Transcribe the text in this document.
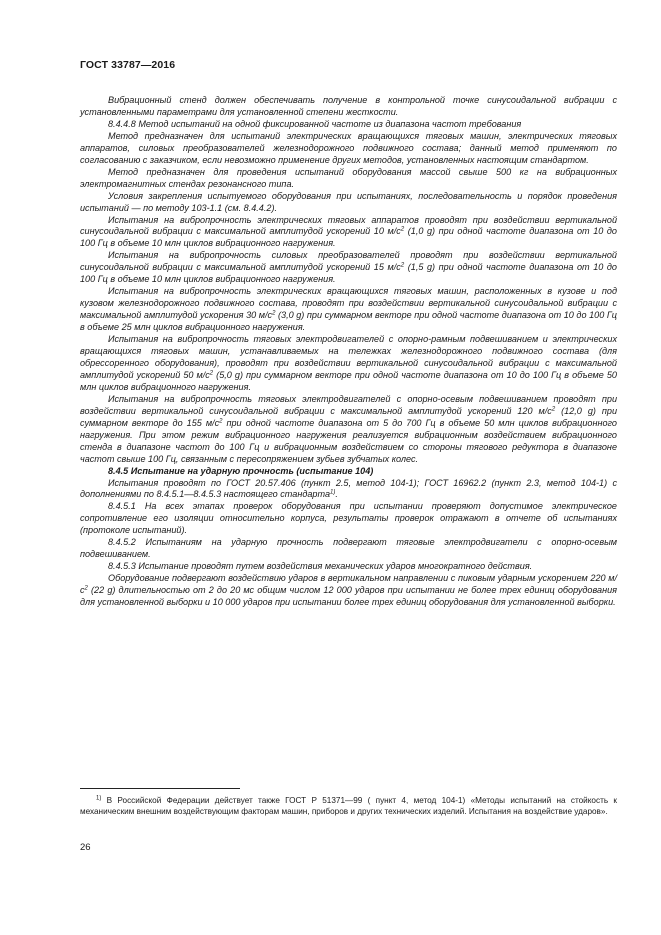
ГОСТ 33787—2016

Вибрационный стенд должен обеспечивать получение в контрольной точке синусоидальной вибрации с установленными параметрами для установленной степени жесткости.

8.4.4.8 Метод испытаний на одной фиксированной частоте из диапазона частот требования

Метод предназначен для испытаний электрических вращающихся тяговых машин, электрических тяговых аппаратов, силовых преобразователей железнодорожного подвижного состава; данный метод применяют по согласованию с заказчиком, если невозможно применение других методов, установленных настоящим стандартом.

Метод предназначен для проведения испытаний оборудования массой свыше 500 кг на вибрационных электромагнитных стендах резонансного типа.

Условия закрепления испытуемого оборудования при испытаниях, последовательность и порядок проведения испытаний — по методу 103-1.1 (см. 8.4.4.2).

Испытания на вибропрочность электрических тяговых аппаратов проводят при воздействии вертикальной синусоидальной вибрации с максимальной амплитудой ускорений 10 $м/с^2$ (1,0 g) при одной частоте диапазона от 10 до 100 Гц в объеме 10 млн циклов вибрационного нагружения.

Испытания на вибропрочность силовых преобразователей проводят при воздействии вертикальной синусоидальной вибрации с максимальной амплитудой ускорений 15 $м/с^2$ (1,5 g) при одной частоте диапазона от 10 до 100 Гц в объеме 10 млн циклов вибрационного нагружения.

Испытания на вибропрочность электрических вращающихся тяговых машин, расположенных в кузове и под кузовом железнодорожного подвижного состава, проводят при воздействии вертикальной синусоидальной вибрации с максимальной амплитудой ускорения 30 $м/с^2$ (3,0 g) при суммарном векторе при одной частоте диапазона от 10 до 100 Гц в объеме 25 млн циклов вибрационного нагружения.

Испытания на вибропрочность тяговых электродвигателей с опорно-рамным подвешиванием и электрических вращающихся тяговых машин, устанавливаемых на тележках железнодорожного подвижного состава (для обрессоренного оборудования), проводят при воздействии вертикальной синусоидальной вибрации с максимальной амплитудой ускорений 50 $м/с^2$ (5,0 g) при суммарном векторе при одной частоте диапазона от 10 до 100 Гц в объеме 50 млн циклов вибрационного нагружения.

Испытания на вибропрочность тяговых электродвигателей с опорно-осевым подвешиванием проводят при воздействии вертикальной синусоидальной вибрации с максимальной амплитудой ускорений 120 $м/с^2$ (12,0 g) при суммарном векторе до 155 $м/с^2$ при одной частоте диапазона от 5 до 700 Гц в объеме 50 млн циклов вибрационного нагружения. При этом режим вибрационного нагружения реализуется вибрационным воздействием вибрационного стенда в диапазоне частот до 100 Гц и вибрационным воздействием со стороны тягового редуктора в диапазоне частот свыше 100 Гц, связанным с пересопряжением зубьев зубчатых колес.

8.4.5 Испытание на ударную прочность (испытание 104)

Испытания проводят по ГОСТ 20.57.406 (пункт 2.5, метод 104-1); ГОСТ 16962.2 (пункт 2.3, метод 104-1) с дополнениями по 8.4.5.1—8.4.5.3 настоящего стандарта$^{1)}$.

8.4.5.1 На всех этапах проверок оборудования при испытании проверяют допустимое электрическое сопротивление его изоляции относительно корпуса, результаты проверок отражают в отчете об испытаниях (протоколе испытаний).

8.4.5.2 Испытаниям на ударную прочность подвергают тяговые электродвигатели с опорно-осевым подвешиванием.

8.4.5.3 Испытание проводят путем воздействия механических ударов многократного действия.

Оборудование подвергают воздействию ударов в вертикальном направлении с пиковым ударным ускорением 220 $м/с^2$ (22 g) длительностью от 2 до 20 мс общим числом 12 000 ударов при испытании не более трех единиц оборудования для установленной выборки и 10 000 ударов при испытании более трех единиц оборудования для установленной выборки.

$^{1)}$ В Российской Федерации действует также ГОСТ Р 51371—99 ( пункт 4, метод 104-1) «Методы испытаний на стойкость к механическим внешним воздействующим факторам машин, приборов и других технических изделий. Испытания на воздействие ударов».
26
